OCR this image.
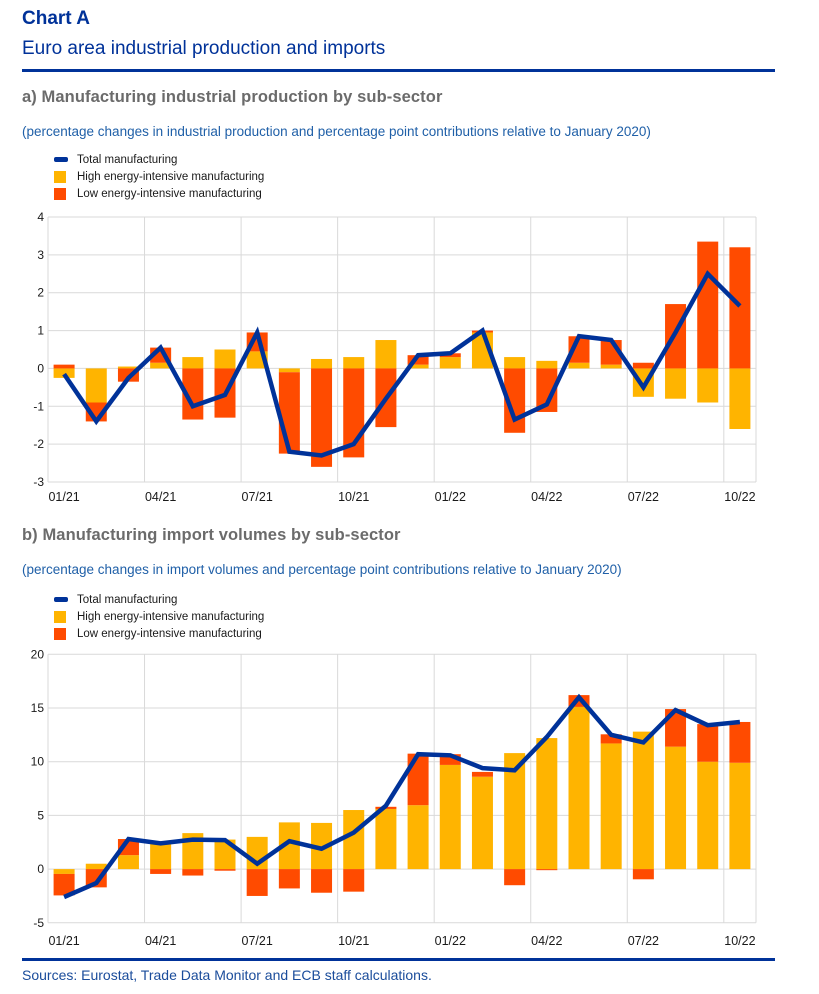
Chart A
Euro area industrial production and imports
a) Manufacturing industrial production by sub-sector
(percentage changes in industrial production and percentage point contributions relative to January 2020)
Total manufacturing
High energy-intensive manufacturing
Low energy-intensive manufacturing
4
3
2
1
0
-1
-2
-3
01/21	04/21	07/21	10/21	01/22	04/22	07/22	10/22
b) Manufacturing import volumes by sub-sector
(percentage changes in import volumes and percentage point contributions relative to January 2020)
Total manufacturing
High energy-intensive manufacturing
Low energy-intensive manufacturing
20
15
10
5
0
-5
01/21	04/21	07/21	10/21	01/22	04/22	07/22	10/22
Sources: Eurostat, Trade Data Monitor and ECB staff calculations.
